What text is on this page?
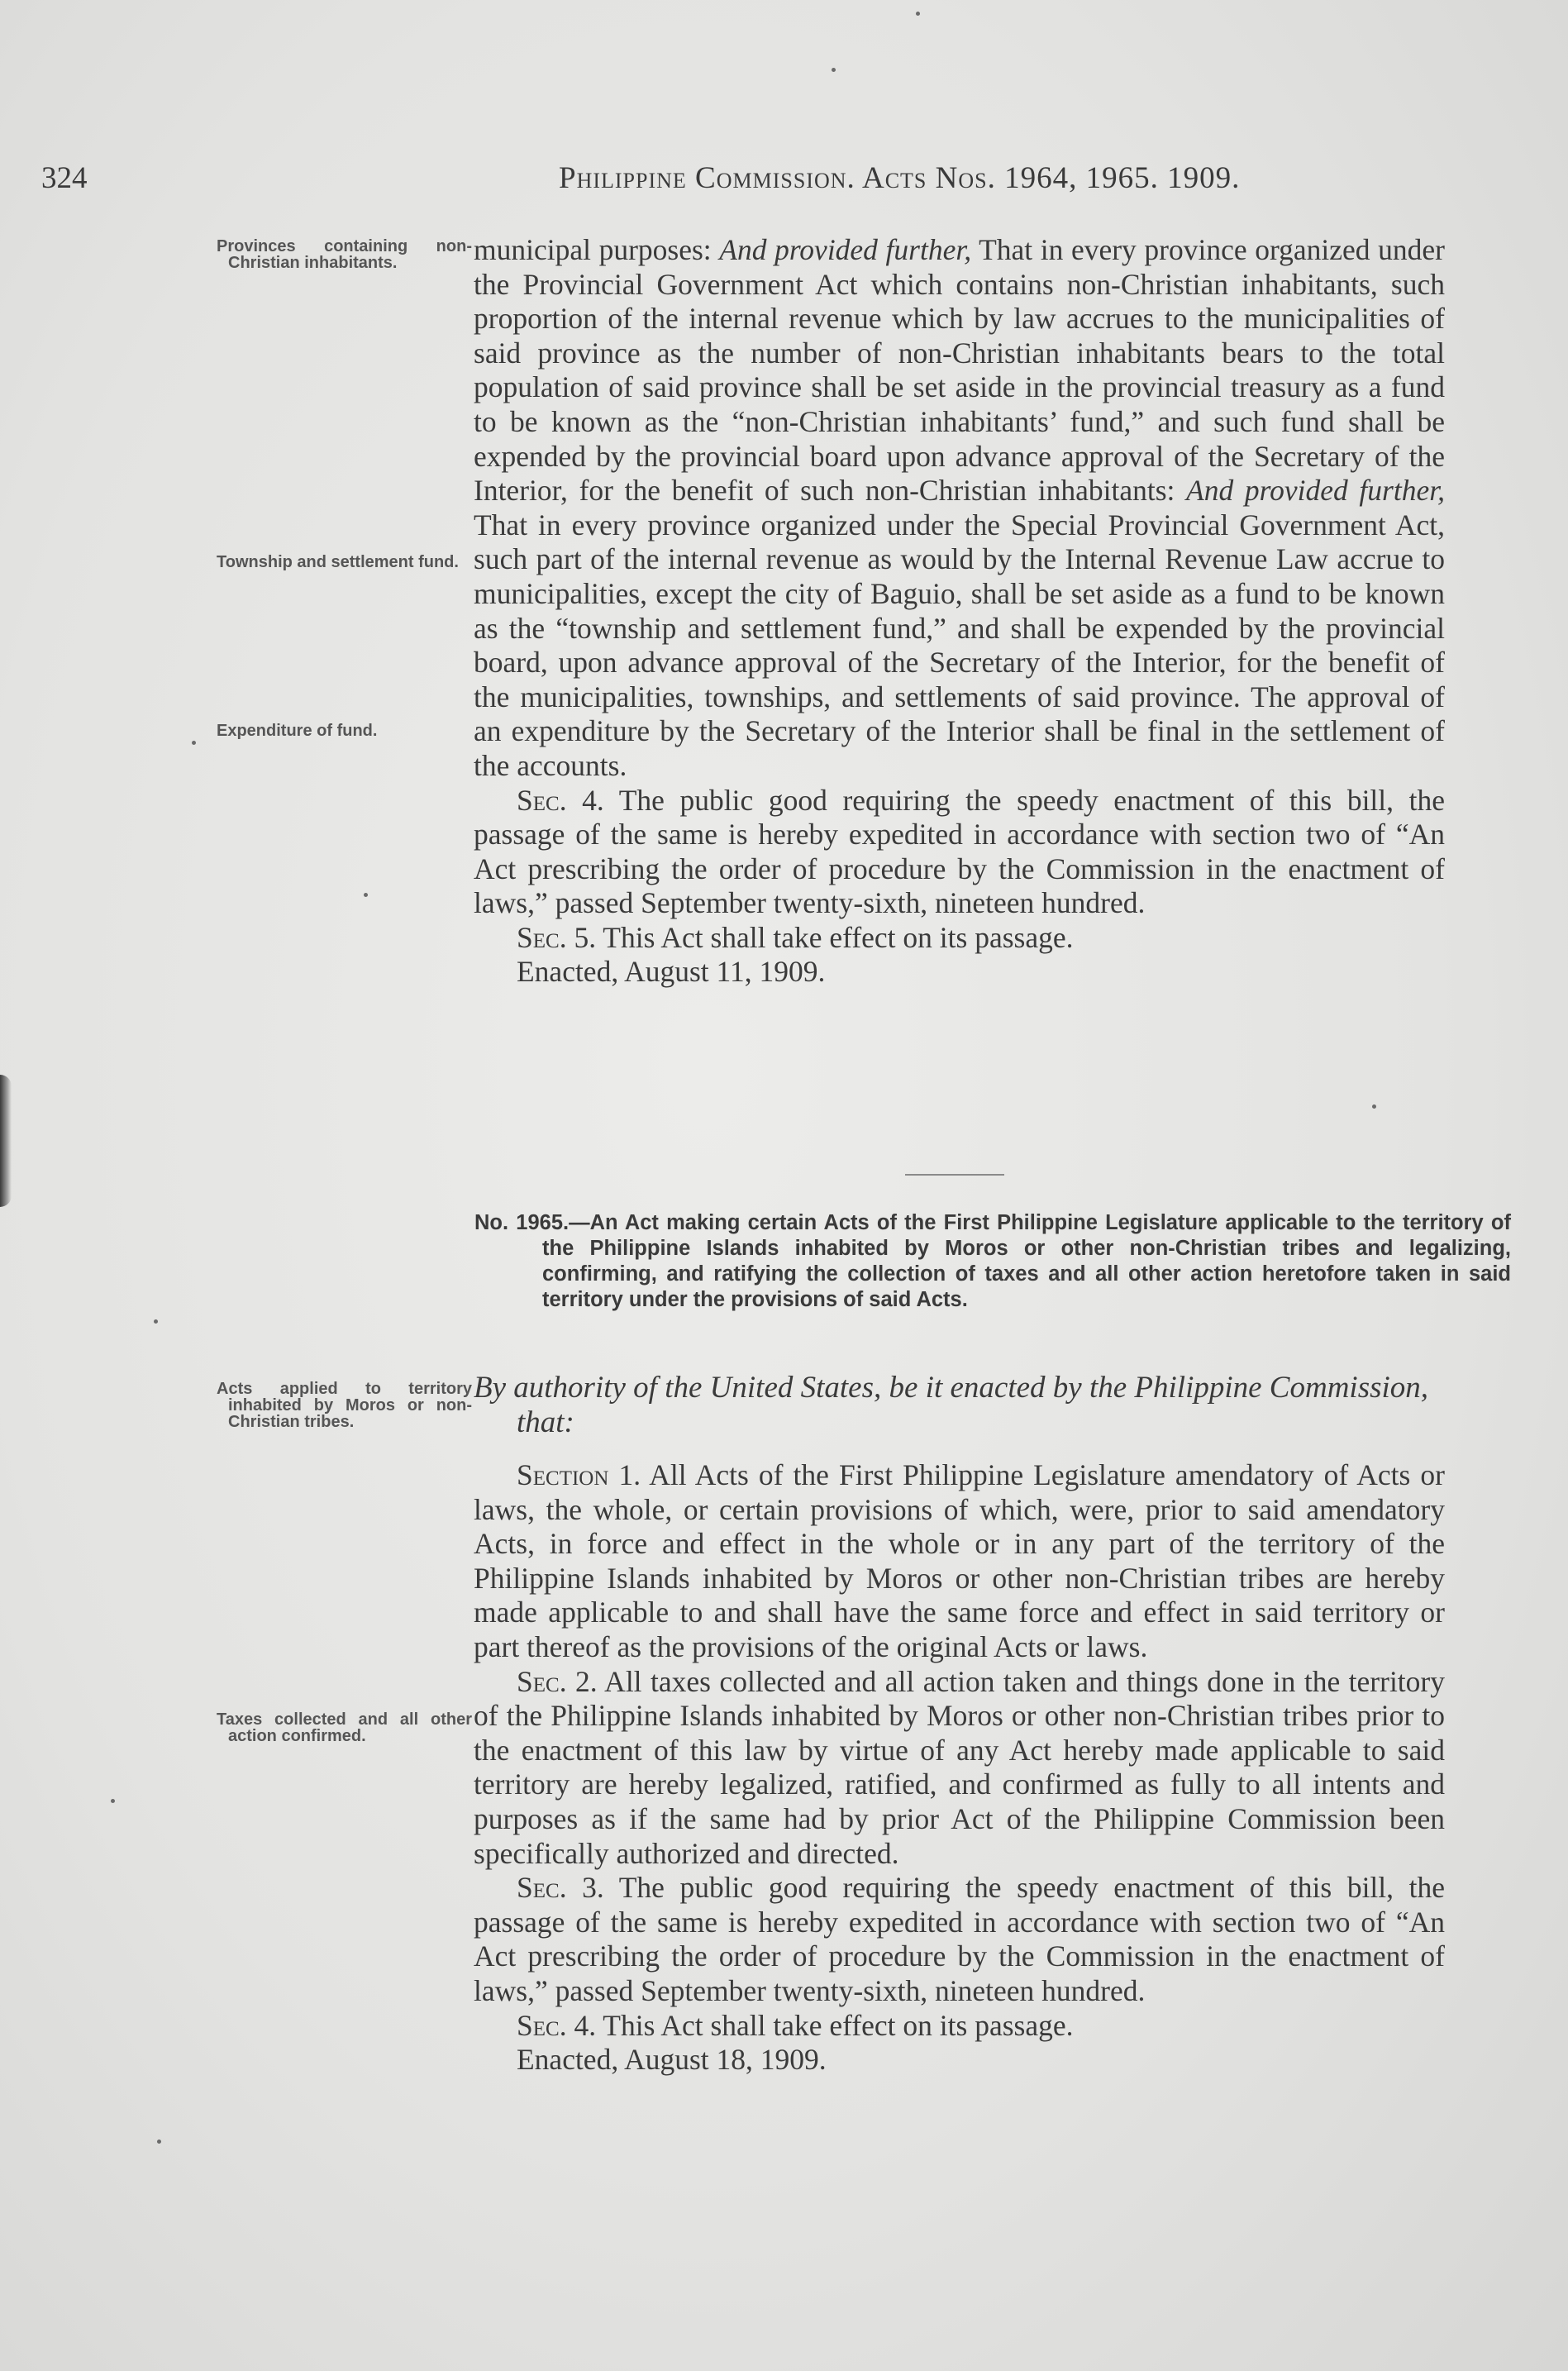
324	Philippine Commission. Acts Nos. 1964, 1965. 1909.
Provinces containing non-Christian inhabitants.
Township and settlement fund.
Expenditure of fund.
Acts applied to territory inhabited by Moros or non-Christian tribes.
Taxes collected and all other action confirmed.

municipal purposes: And provided further, That in every province organized under the Provincial Government Act which contains non-Christian inhabitants, such proportion of the internal revenue which by law accrues to the municipalities of said province as the number of non-Christian inhabitants bears to the total population of said province shall be set aside in the provincial treasury as a fund to be known as the “non-Christian inhabitants’ fund,” and such fund shall be expended by the provincial board upon advance approval of the Secretary of the Interior, for the benefit of such non-Christian inhabitants: And provided further, That in every province organized under the Special Provincial Government Act, such part of the internal revenue as would by the Internal Revenue Law accrue to municipalities, except the city of Baguio, shall be set aside as a fund to be known as the “township and settlement fund,” and shall be expended by the provincial board, upon advance approval of the Secretary of the Interior, for the benefit of the municipalities, townships, and settlements of said province. The approval of an expenditure by the Secretary of the Interior shall be final in the settlement of the accounts.

Sec. 4. The public good requiring the speedy enactment of this bill, the passage of the same is hereby expedited in accordance with section two of “An Act prescribing the order of procedure by the Commission in the enactment of laws,” passed September twenty-sixth, nineteen hundred.

Sec. 5. This Act shall take effect on its passage.

Enacted, August 11, 1909.

No. 1965.—An Act making certain Acts of the First Philippine Legislature applicable to the territory of the Philippine Islands inhabited by Moros or other non-Christian tribes and legalizing, confirming, and ratifying the collection of taxes and all other action heretofore taken in said territory under the provisions of said Acts.
By authority of the United States, be it enacted by the Philippine Commission, that:

Section 1. All Acts of the First Philippine Legislature amendatory of Acts or laws, the whole, or certain provisions of which, were, prior to said amendatory Acts, in force and effect in the whole or in any part of the territory of the Philippine Islands inhabited by Moros or other non-Christian tribes are hereby made applicable to and shall have the same force and effect in said territory or part thereof as the provisions of the original Acts or laws.

Sec. 2. All taxes collected and all action taken and things done in the territory of the Philippine Islands inhabited by Moros or other non-Christian tribes prior to the enactment of this law by virtue of any Act hereby made applicable to said territory are hereby legalized, ratified, and confirmed as fully to all intents and purposes as if the same had by prior Act of the Philippine Commission been specifically authorized and directed.

Sec. 3. The public good requiring the speedy enactment of this bill, the passage of the same is hereby expedited in accordance with section two of “An Act prescribing the order of procedure by the Commission in the enactment of laws,” passed September twenty-sixth, nineteen hundred.

Sec. 4. This Act shall take effect on its passage.

Enacted, August 18, 1909.
